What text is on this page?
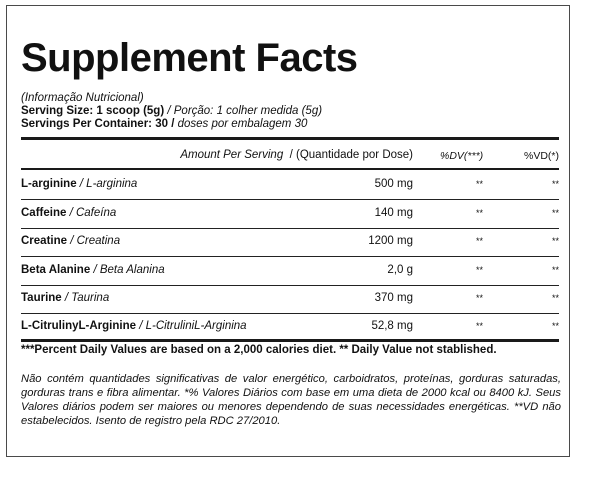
Supplement Facts
(Informação Nutricional)
Serving Size: 1 scoop (5g) / Porção: 1 colher medida (5g)
Servings Per Container: 30 / doses por embalagem 30
Amount Per Serving / (Quantidade por Dose)	%DV(***)	%VD(*)
L-arginine / L-arginina	500 mg	**	**
Caffeine / Cafeína	140 mg	**	**
Creatine / Creatina	1200 mg	**	**
Beta Alanine / Beta Alanina	2,0 g	**	**
Taurine / Taurina	370 mg	**	**
L-CitrulinyL-Arginine / L-CitruliniL-Arginina	52,8 mg	**	**
***Percent Daily Values are based on a 2,000 calories diet. ** Daily Value not stablished.
Não contém quantidades significativas de valor energético, carboidratos, proteínas, gorduras saturadas, gorduras trans e fibra alimentar. *% Valores Diários com base em uma dieta de 2000 kcal ou 8400 kJ. Seus Valores diários podem ser maiores ou menores dependendo de suas necessidades energéticas. **VD não estabelecidos. Isento de registro pela RDC 27/2010.
